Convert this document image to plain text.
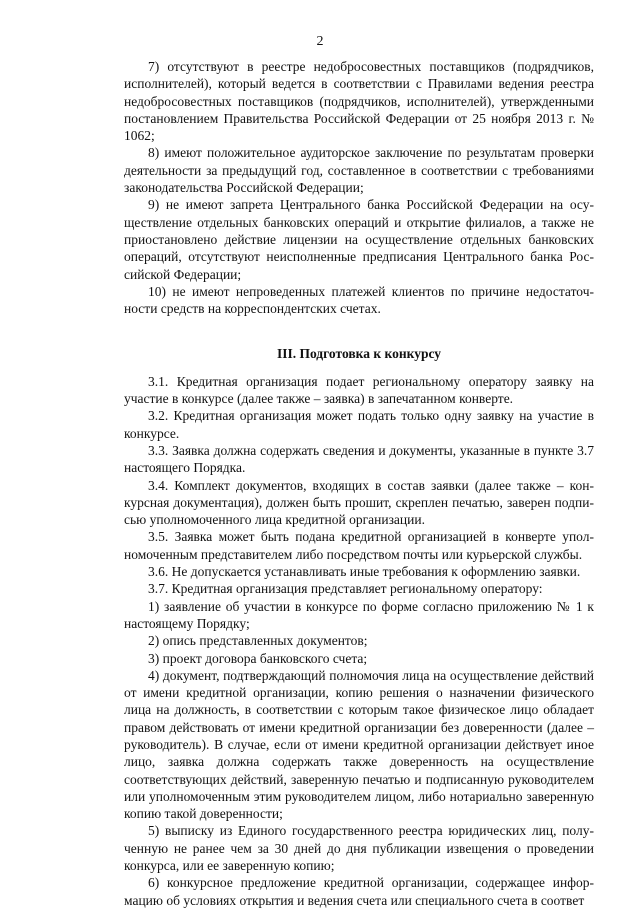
2

7) отсутствуют в реестре недобросовестных поставщиков (подрядчиков, исполнителей), который ведется в соответствии с Правилами ведения реестра недобросовестных поставщиков (подрядчиков, исполнителей), утвержденными постановлением Правительства Российской Федерации от 25 ноября 2013 г. № 1062;

8) имеют положительное аудиторское заключение по результатам проверки деятельности за предыдущий год, составленное в соответствии с требованиями законодательства Российской Федерации;

9) не имеют запрета Центрального банка Российской Федерации на осуществление отдельных банковских операций и открытие филиалов, а также не приостановлено действие лицензии на осуществление отдельных банковских операций, отсутствуют неисполненные предписания Центрального банка Российской Федерации;

10) не имеют непроведенных платежей клиентов по причине недостаточности средств на корреспондентских счетах.

III. Подготовка к конкурсу

3.1. Кредитная организация подает региональному оператору заявку на участие в конкурсе (далее также – заявка) в запечатанном конверте.

3.2. Кредитная организация может подать только одну заявку на участие в конкурсе.

3.3. Заявка должна содержать сведения и документы, указанные в пункте 3.7 настоящего Порядка.

3.4. Комплект документов, входящих в состав заявки (далее также – конкурсная документация), должен быть прошит, скреплен печатью, заверен подписью уполномоченного лица кредитной организации.

3.5. Заявка может быть подана кредитной организацией в конверте уполномоченным представителем либо посредством почты или курьерской службы.

3.6. Не допускается устанавливать иные требования к оформлению заявки.

3.7. Кредитная организация представляет региональному оператору:

1) заявление об участии в конкурсе по форме согласно приложению № 1 к настоящему Порядку;

2) опись представленных документов;

3) проект договора банковского счета;

4) документ, подтверждающий полномочия лица на осуществление действий от имени кредитной организации, копию решения о назначении физического лица на должность, в соответствии с которым такое физическое лицо обладает правом действовать от имени кредитной организации без доверенности (далее – руководитель). В случае, если от имени кредитной организации действует иное лицо, заявка должна содержать также доверенность на осуществление соответствующих действий, заверенную печатью и подписанную руководителем или уполномоченным этим руководителем лицом, либо нотариально заверенную копию такой доверенности;

5) выписку из Единого государственного реестра юридических лиц, полученную не ранее чем за 30 дней до дня публикации извещения о проведении конкурса, или ее заверенную копию;

6) конкурсное предложение кредитной организации, содержащее информацию об условиях открытия и ведения счета или специального счета в соответ
